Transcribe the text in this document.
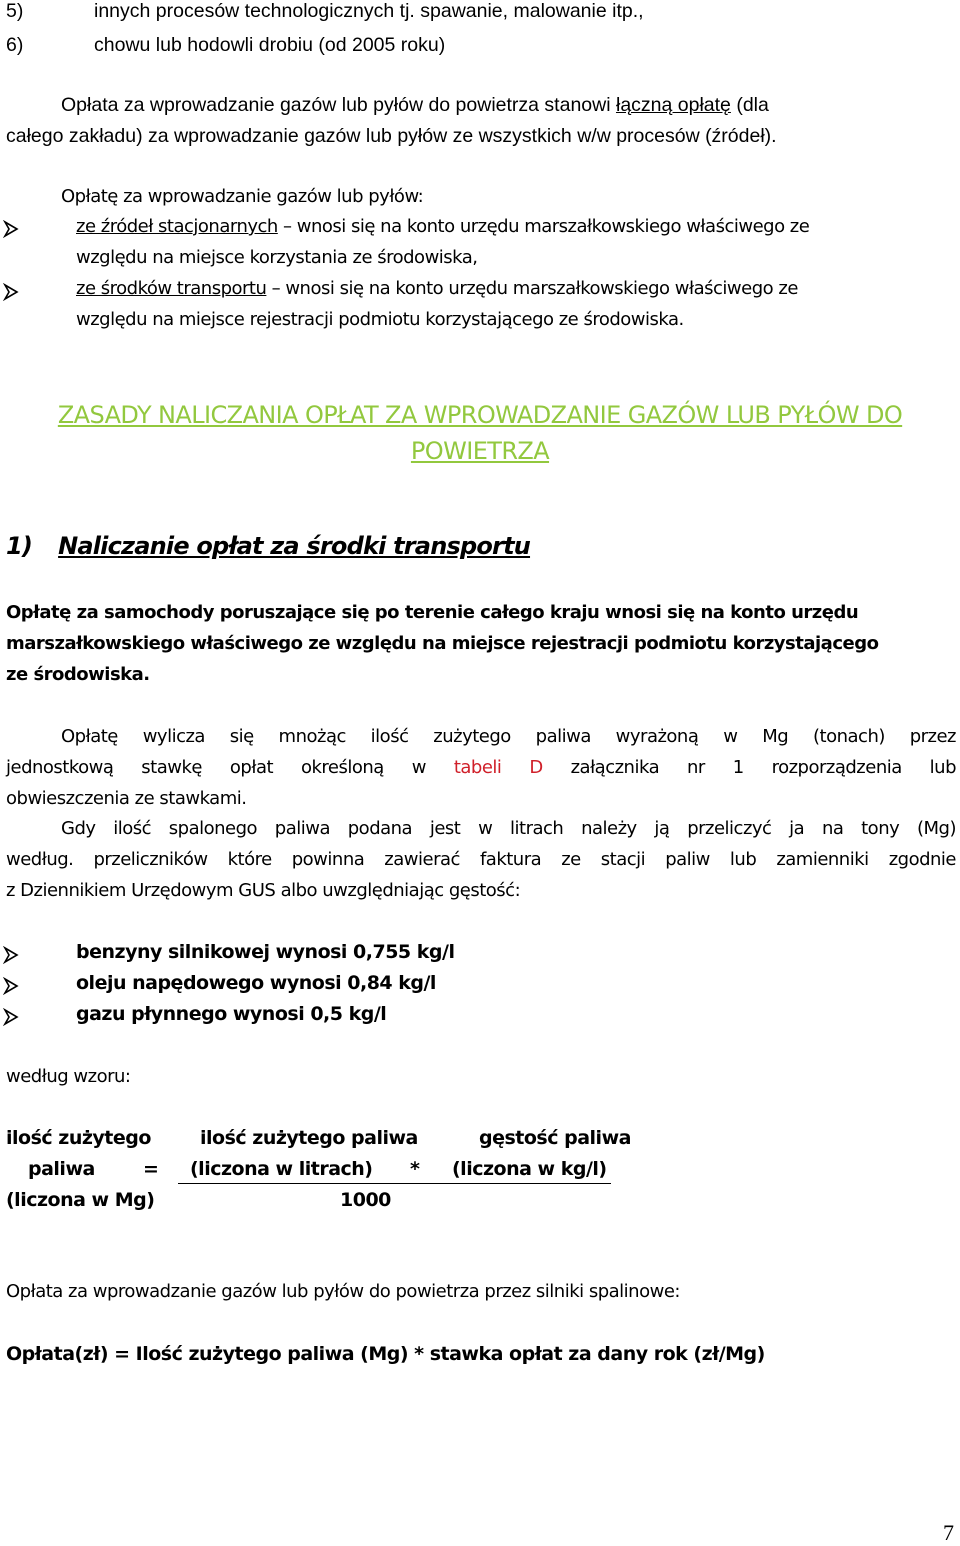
5)	innych procesów technologicznych tj. spawanie, malowanie itp.,
6)	chowu lub hodowli drobiu (od 2005 roku)
Opłata za wprowadzanie gazów lub pyłów do powietrza stanowi łączną opłatę (dla
całego zakładu) za wprowadzanie gazów lub pyłów ze wszystkich w/w procesów (źródeł).
Opłatę za wprowadzanie gazów lub pyłów:
ze źródeł stacjonarnych – wnosi się na konto urzędu marszałkowskiego właściwego ze
względu na miejsce korzystania ze środowiska,
ze środków transportu – wnosi się na konto urzędu marszałkowskiego właściwego ze
względu na miejsce rejestracji podmiotu korzystającego ze środowiska.
ZASADY NALICZANIA OPŁAT ZA WPROWADZANIE GAZÓW LUB PYŁÓW DO
POWIETRZA
1) Naliczanie opłat za środki transportu
Opłatę za samochody poruszające się po terenie całego kraju wnosi się na konto urzędu
marszałkowskiego właściwego ze względu na miejsce rejestracji podmiotu korzystającego
ze środowiska.
Opłatę wylicza się mnożąc ilość zużytego paliwa wyrażoną w Mg (tonach) przez
jednostkową stawkę opłat określoną w tabeli D załącznika nr 1 rozporządzenia lub
obwieszczenia ze stawkami.
Gdy ilość spalonego paliwa podana jest w litrach należy ją przeliczyć ja na tony (Mg)
według. przeliczników które powinna zawierać faktura ze stacji paliw lub zamienniki zgodnie
z Dziennikiem Urzędowym GUS albo uwzględniając gęstość:
benzyny silnikowej wynosi 0,755 kg/l
oleju napędowego wynosi 0,84 kg/l
gazu płynnego wynosi 0,5 kg/l
według wzoru:
ilość zużytego	ilość zużytego paliwa	gęstość paliwa
paliwa	= (liczona w litrach) * (liczona w kg/l)
(liczona w Mg)	1000
Opłata za wprowadzanie gazów lub pyłów do powietrza przez silniki spalinowe:
Opłata(zł) = Ilość zużytego paliwa (Mg) * stawka opłat za dany rok (zł/Mg)
7
